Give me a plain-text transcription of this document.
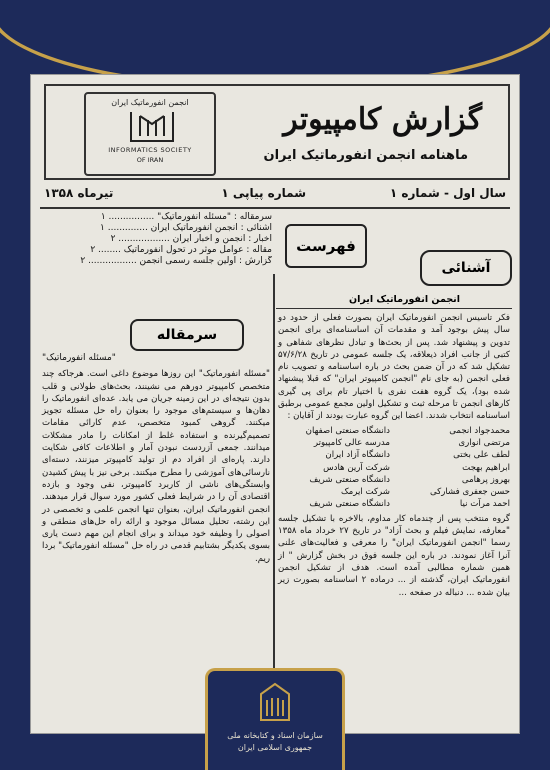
انجمن انفورماتیک ایران
INFORMATICS SOCIETY
OF IRAN
گزارش کامپیوتر
ماهنامه انجمن انفورماتیک ایران
سال اول - شماره ۱
شماره پیاپی ۱
تیرماه ۱۳۵۸
سرمقاله : "مسئله انفورماتیک" ................ ۱
آشنائی : انجمن انفورماتیک ایران .............. ۱
اخبار : انجمن و اخبار ایران .................. ۲
مقاله : عوامل موثر در تحول انفورماتیک ........ ۲
گزارش : اولین جلسه رسمی انجمن ................. ۲
فهرست
آشنائی
انجمن انفورماتیک ایران
فکر تاسیس انجمن انفورماتیک ایران بصورت فعلی از حدود دو سال پیش بوجود آمد و مقدمات آن اساسنامه‌ای برای انجمن تدوین و پیشنهاد شد. پس از بحث‌ها و تبادل نظرهای شفاهی و کتبی از جانب افراد ذیعلاقه، یک جلسه عمومی در تاریخ ۵۷/۶/۲۸ تشکیل شد که در آن ضمن بحث در باره اساسنامه و تصویب نام فعلی انجمن (به جای نام "انجمن کامپیوتر ایران" که قبلا پیشنهاد شده بود)، یک گروه هفت نفری با اختیار تام برای پی گیری کارهای انجمن تا مرحله ثبت و تشکیل اولین مجمع عمومی برطبق اساسنامه انتخاب شدند. اعضا این گروه عبارت بودند از آقایان :
محمدجواد انجمی
مرتضی انواری
لطف علی بختی
ابراهیم بهجت
بهروز پرهامی
حسن جعفری فشارکی
احمد مرآت نیا
دانشگاه صنعتی اصفهان
مدرسه عالی کامپیوتر
دانشگاه آزاد ایران
شرکت آرین هادس
دانشگاه صنعتی شریف
شرکت ایرمک
دانشگاه صنعتی شریف
گروه منتخب پس از چندماه کار مداوم، بالاخره با تشکیل جلسه "معارفه، نمایش فیلم و بحث آزاد" در تاریخ ۲۷ خرداد ماه ۱۳۵۸ رسما "انجمن انفورماتیک ایران" را معرفی و فعالیت‌های علنی آنرا آغاز نمودند. در باره این جلسه فوق در بخش گزارش " از همین شماره مطالبی آمده است. هدف از تشکیل انجمن انفورماتیک ایران، گذشته از ... درماده ۲ اساسنامه بصورت زیر بیان شده ... دنباله در صفحه ...
سرمقاله
"مسئله انفورماتیک"
"مسئله انفورماتیک" این روزها موضوع داغی است. هرجاکه چند متخصص کامپیوتر دورهم می نشینند، بحث‌های طولانی و قلب بدون نتیجه‌ای در این زمینه جریان می یابد. عده‌ای انفورماتیک را دهان‌ها و سیستم‌های موجود را بعنوان راه حل مسئله تجویز میکنند. گروهی کمبود متخصص، عدم کارائی مقامات تصمیم‌گیرنده و استفاده غلط از امکانات را مادر مشکلات میدانند. جمعی آزردست نبودن آمار و اطلاعات کافی شکایت دارند. پاره‌ای از افراد دم از تولید کامپیوتر میزنند، دسته‌ای نارسائی‌های آموزشی را مطرح میکنند. برخی نیز با پیش کشیدن وابستگی‌های ناشی از کاربرد کامپیوتر، نفی وجود و بازده اقتصادی آن را در شرایط فعلی کشور مورد سوال قرار میدهند. انجمن انفورماتیک ایران، بعنوان تنها انجمن علمی و تخصصی در این رشته، تحلیل مسائل موجود و ارائه راه حل‌های منطقی و اصولی را وظیفه خود میداند و برای انجام این مهم دست یاری بسوی یکدیگر بشتابیم قدمی در راه حل "مسئله انفورماتیک" بردا ریم.
سازمان اسناد و کتابخانه ملی
جمهوری اسلامی ایران
